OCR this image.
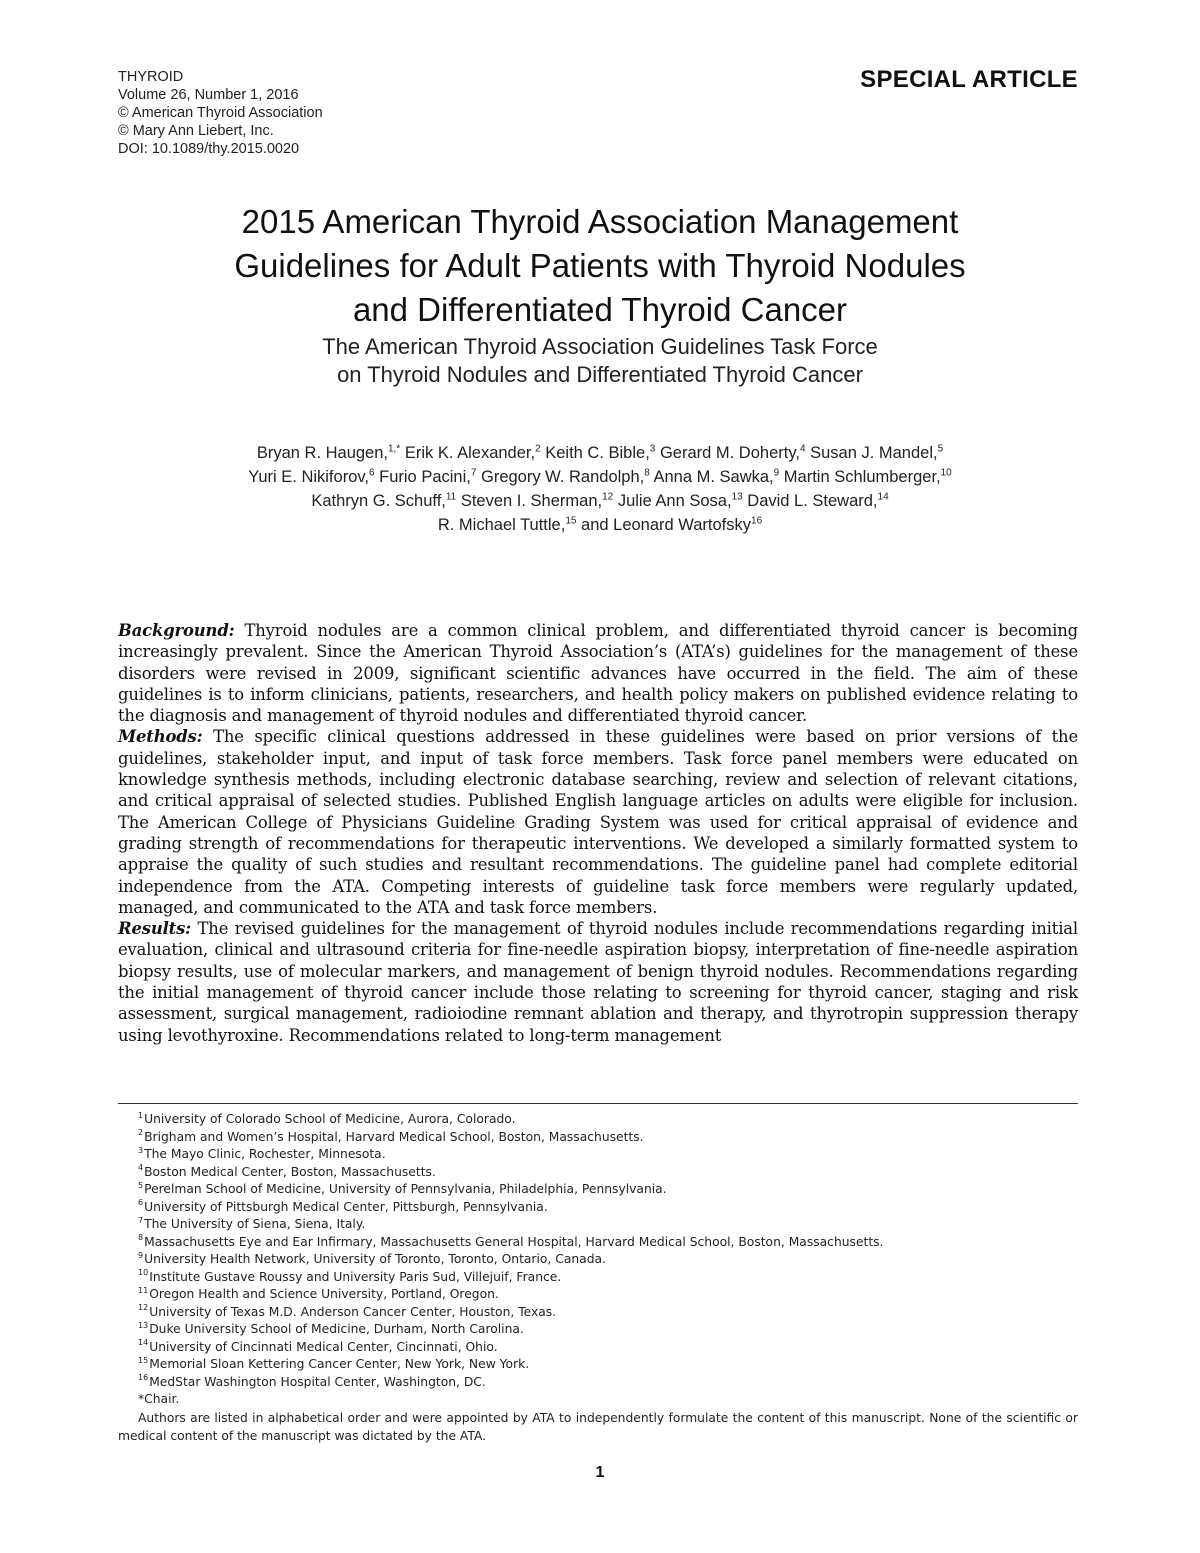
THYROID
Volume 26, Number 1, 2016
© American Thyroid Association
© Mary Ann Liebert, Inc.
DOI: 10.1089/thy.2015.0020
SPECIAL ARTICLE
2015 American Thyroid Association Management
Guidelines for Adult Patients with Thyroid Nodules
and Differentiated Thyroid Cancer
The American Thyroid Association Guidelines Task Force
on Thyroid Nodules and Differentiated Thyroid Cancer
Bryan R. Haugen,$^{1,*}$ Erik K. Alexander,$^2$ Keith C. Bible,$^3$ Gerard M. Doherty,$^4$ Susan J. Mandel,$^5$
Yuri E. Nikiforov,$^6$ Furio Pacini,$^7$ Gregory W. Randolph,$^8$ Anna M. Sawka,$^9$ Martin Schlumberger,$^{10}$
Kathryn G. Schuff,$^{11}$ Steven I. Sherman,$^{12}$ Julie Ann Sosa,$^{13}$ David L. Steward,$^{14}$
R. Michael Tuttle,$^{15}$ and Leonard Wartofsky$^{16}$

Background: Thyroid nodules are a common clinical problem, and differentiated thyroid cancer is becoming increasingly prevalent. Since the American Thyroid Association’s (ATA’s) guidelines for the management of these disorders were revised in 2009, significant scientific advances have occurred in the field. The aim of these guidelines is to inform clinicians, patients, researchers, and health policy makers on published evidence relating to the diagnosis and management of thyroid nodules and differentiated thyroid cancer.

Methods: The specific clinical questions addressed in these guidelines were based on prior versions of the guidelines, stakeholder input, and input of task force members. Task force panel members were educated on knowledge synthesis methods, including electronic database searching, review and selection of relevant citations, and critical appraisal of selected studies. Published English language articles on adults were eligible for inclusion. The American College of Physicians Guideline Grading System was used for critical appraisal of evidence and grading strength of recommendations for therapeutic interventions. We developed a similarly formatted system to appraise the quality of such studies and resultant recommendations. The guideline panel had complete editorial independence from the ATA. Competing interests of guideline task force members were regularly updated, managed, and communicated to the ATA and task force members.

Results: The revised guidelines for the management of thyroid nodules include recommendations regarding initial evaluation, clinical and ultrasound criteria for fine-needle aspiration biopsy, interpretation of fine-needle aspiration biopsy results, use of molecular markers, and management of benign thyroid nodules. Recommendations regarding the initial management of thyroid cancer include those relating to screening for thyroid cancer, staging and risk assessment, surgical management, radioiodine remnant ablation and therapy, and thyrotropin suppression therapy using levothyroxine. Recommendations related to long-term management

$^1$University of Colorado School of Medicine, Aurora, Colorado.
$^2$Brigham and Women’s Hospital, Harvard Medical School, Boston, Massachusetts.
$^3$The Mayo Clinic, Rochester, Minnesota.
$^4$Boston Medical Center, Boston, Massachusetts.
$^5$Perelman School of Medicine, University of Pennsylvania, Philadelphia, Pennsylvania.
$^6$University of Pittsburgh Medical Center, Pittsburgh, Pennsylvania.
$^7$The University of Siena, Siena, Italy.
$^8$Massachusetts Eye and Ear Infirmary, Massachusetts General Hospital, Harvard Medical School, Boston, Massachusetts.
$^9$University Health Network, University of Toronto, Toronto, Ontario, Canada.
$^{10}$Institute Gustave Roussy and University Paris Sud, Villejuif, France.
$^{11}$Oregon Health and Science University, Portland, Oregon.
$^{12}$University of Texas M.D. Anderson Cancer Center, Houston, Texas.
$^{13}$Duke University School of Medicine, Durham, North Carolina.
$^{14}$University of Cincinnati Medical Center, Cincinnati, Ohio.
$^{15}$Memorial Sloan Kettering Cancer Center, New York, New York.
$^{16}$MedStar Washington Hospital Center, Washington, DC.
*Chair.
Authors are listed in alphabetical order and were appointed by ATA to independently formulate the content of this manuscript. None of the scientific or medical content of the manuscript was dictated by the ATA.
1
